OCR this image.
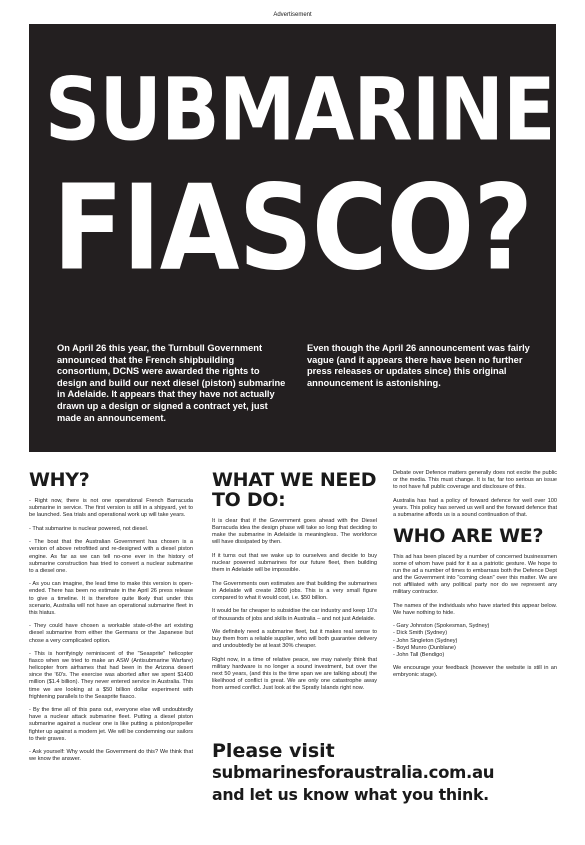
Advertisement
SUBMARINE
FIASCO?
On April 26 this year, the Turnbull Government announced that the French shipbuilding consortium, DCNS were awarded the rights to design and build our next diesel (piston) submarine in Adelaide. It appears that they have not actually drawn up a design or signed a contract yet, just made an announcement.
Even though the April 26 announcement was fairly vague (and it appears there have been no further press releases or updates since) this original announcement is astonishing.
WHY?

- Right now, there is not one operational French Barracuda submarine in service. The first version is still in a shipyard, yet to be launched. Sea trials and operational work up will take years.

- That submarine is nuclear powered, not diesel.

- The boat that the Australian Government has chosen is a version of above retrofitted and re-designed with a diesel piston engine. As far as we can tell no-one ever in the history of submarine construction has tried to convert a nuclear submarine to a diesel one.

- As you can imagine, the lead time to make this version is open-ended. There has been no estimate in the April 26 press release to give a timeline. It is therefore quite likely that under this scenario, Australia will not have an operational submarine fleet in this hiatus.

- They could have chosen a workable state-of-the art existing diesel submarine from either the Germans or the Japanese but chose a very complicated option.

- This is horrifyingly reminiscent of the "Seasprite" helicopter fiasco when we tried to make an ASW (Antisubmarine Warfare) helicopter from airframes that had been in the Arizona desert since the '60's. The exercise was aborted after we spent $1400 million ($1.4 billion). They never entered service in Australia. This time we are looking at a $50 billion dollar experiment with frightening parallels to the Seasprite fiasco.

- By the time all of this pans out, everyone else will undoubtedly have a nuclear attack submarine fleet. Putting a diesel piston submarine against a nuclear one is like putting a piston/propeller fighter up against a modern jet. We will be condemning our sailors to their graves.

- Ask yourself: Why would the Government do this? We think that we know the answer.

WHAT WE NEED
TO DO:

It is clear that if the Government goes ahead with the Diesel Barracuda idea the design phase will take so long that deciding to make the submarine in Adelaide is meaningless. The workforce will have dissipated by then.

If it turns out that we wake up to ourselves and decide to buy nuclear powered submarines for our future fleet, then building them in Adelaide will be impossible.

The Governments own estimates are that building the submarines in Adelaide will create 2800 jobs. This is a very small figure compared to what it would cost, i.e. $50 billion.

It would be far cheaper to subsidise the car industry and keep 10's of thousands of jobs and skills in Australia – and not just Adelaide.

We definitely need a submarine fleet, but it makes real sense to buy them from a reliable supplier, who will both guarantee delivery and undoubtedly be at least 30% cheaper.

Right now, in a time of relative peace, we may naively think that military hardware is no longer a sound investment, but over the next 50 years, (and this is the time span we are talking about) the likelihood of conflict is great. We are only one catastrophe away from armed conflict. Just look at the Spratly Islands right now.

Debate over Defence matters generally does not excite the public or the media. This must change. It is far, far too serious an issue to not have full public coverage and disclosure of this.

Australia has had a policy of forward defence for well over 100 years. This policy has served us well and the forward defence that a submarine affords us is a sound continuation of that.

WHO ARE WE?

This ad has been placed by a number of concerned businessmen some of whom have paid for it as a patriotic gesture. We hope to run the ad a number of times to embarrass both the Defence Dept and the Government into "coming clean" over this matter. We are not affiliated with any political party nor do we represent any military contractor.

The names of the individuals who have started this appear below. We have nothing to hide.

- Gary Johnston (Spokesman, Sydney)
- Dick Smith (Sydney)
- John Singleton (Sydney)
- Boyd Munro (Dunblane)
- John Tall (Bendigo)

We encourage your feedback (however the website is still in an embryonic stage).

Please visit
submarinesforaustralia.com.au
and let us know what you think.
